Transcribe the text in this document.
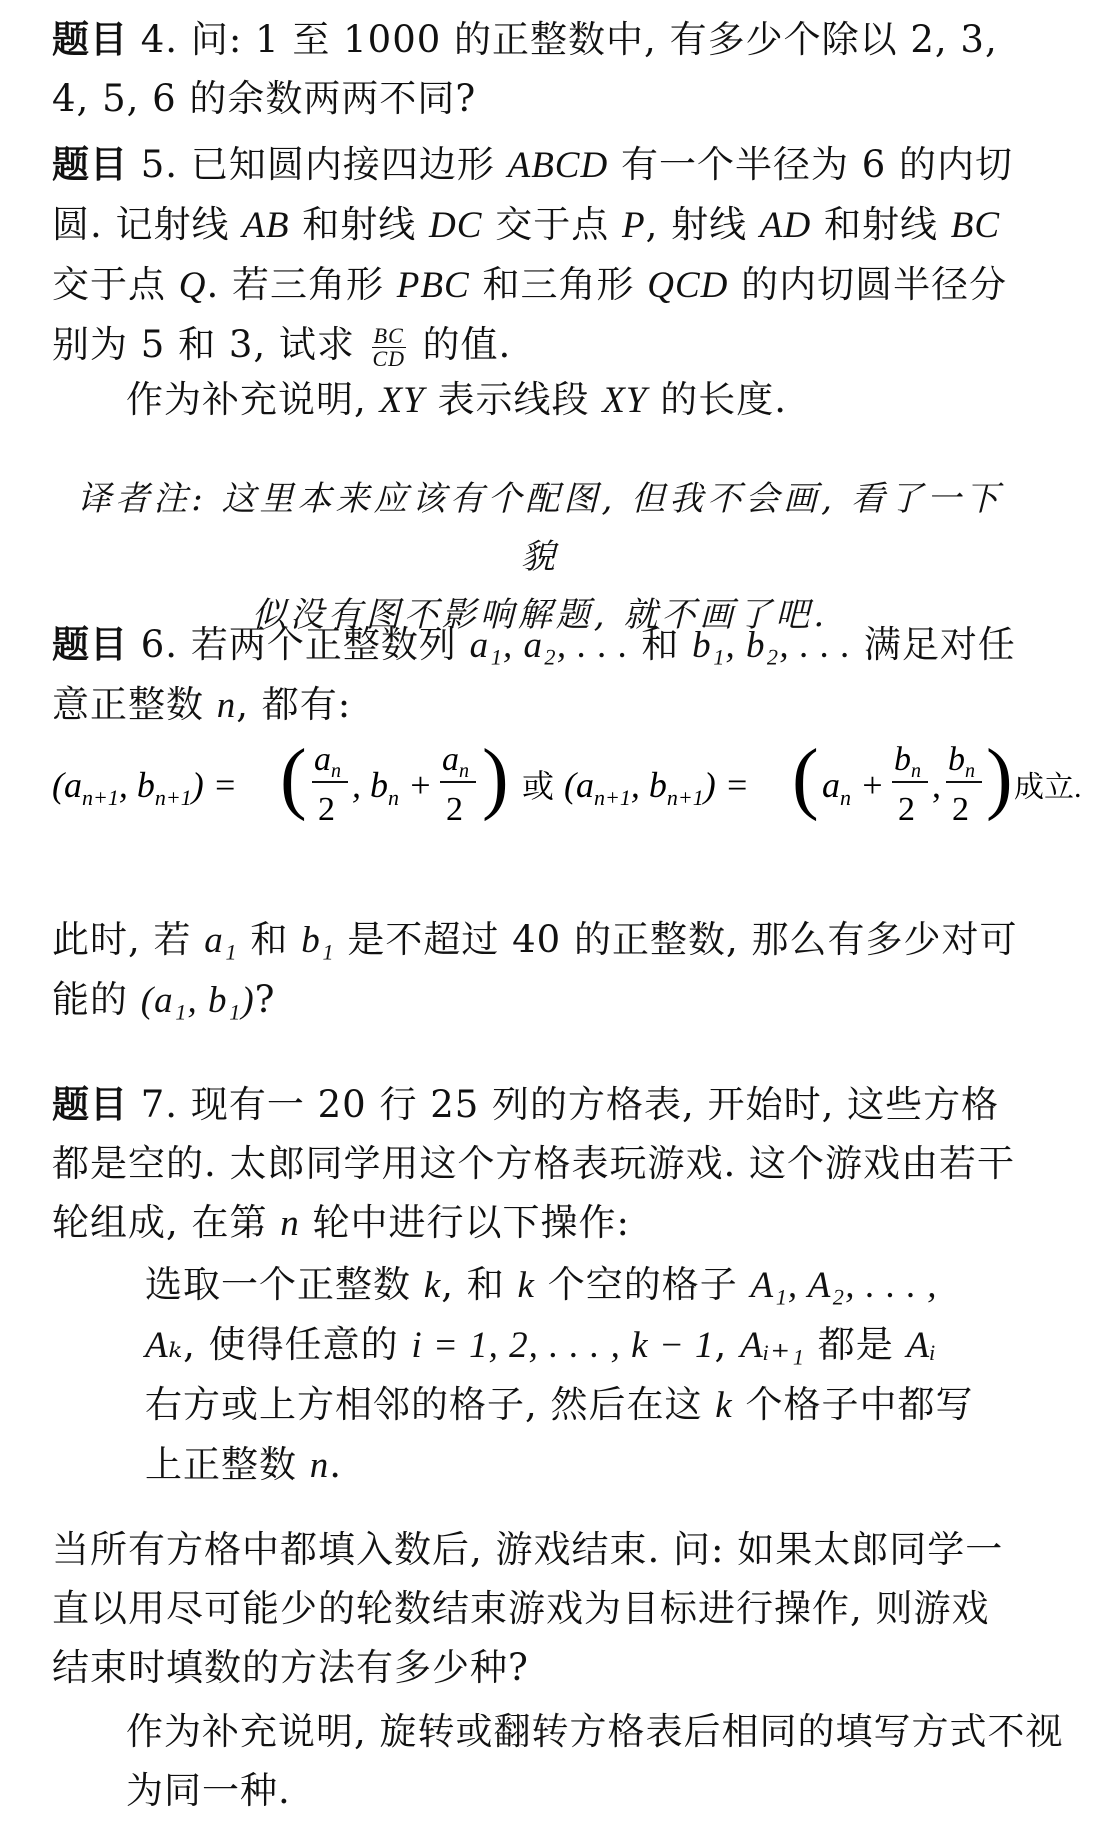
题目 4. 问: 1 至 1000 的正整数中, 有多少个除以 2, 3, 4, 5, 6 的余数两两不同?

题目 5. 已知圆内接四边形 ABCD 有一个半径为 6 的内切圆. 记射线 AB 和射线 DC 交于点 P, 射线 AD 和射线 BC 交于点 Q. 若三角形 PBC 和三角形 QCD 的内切圆半径分别为 5 和 3, 试求 $\frac{BC}{CD}$ 的值.

作为补充说明, XY 表示线段 XY 的长度.

译者注: 这里本来应该有个配图, 但我不会画, 看了一下貌
似没有图不影响解题, 就不画了吧.

题目 6. 若两个正整数列 a₁, a₂, . . . 和 b₁, b₂, . . . 满足对任意正整数 n, 都有:

($a_{n+1}$, $b_{n+1}$) = ( $a_n$
2
, $b_n$ +
$a_n$
2 ) 或 ($a_{n+1}$, $b_{n+1}$) = ( $a_n$ +
$b_n$
2
,
$b_n$
2 ) 成立.

此时, 若 a₁ 和 b₁ 是不超过 40 的正整数, 那么有多少对可能的 (a₁, b₁)?

题目 7. 现有一 20 行 25 列的方格表, 开始时, 这些方格都是空的. 太郎同学用这个方格表玩游戏. 这个游戏由若干轮组成, 在第 n 轮中进行以下操作:

选取一个正整数 k, 和 k 个空的格子 A₁, A₂, . . . , Aₖ, 使得任意的 i = 1, 2, . . . , k − 1, Aᵢ₊₁ 都是 Aᵢ 右方或上方相邻的格子, 然后在这 k 个格子中都写上正整数 n.

当所有方格中都填入数后, 游戏结束. 问: 如果太郎同学一直以用尽可能少的轮数结束游戏为目标进行操作, 则游戏结束时填数的方法有多少种?

作为补充说明, 旋转或翻转方格表后相同的填写方式不视为同一种.
